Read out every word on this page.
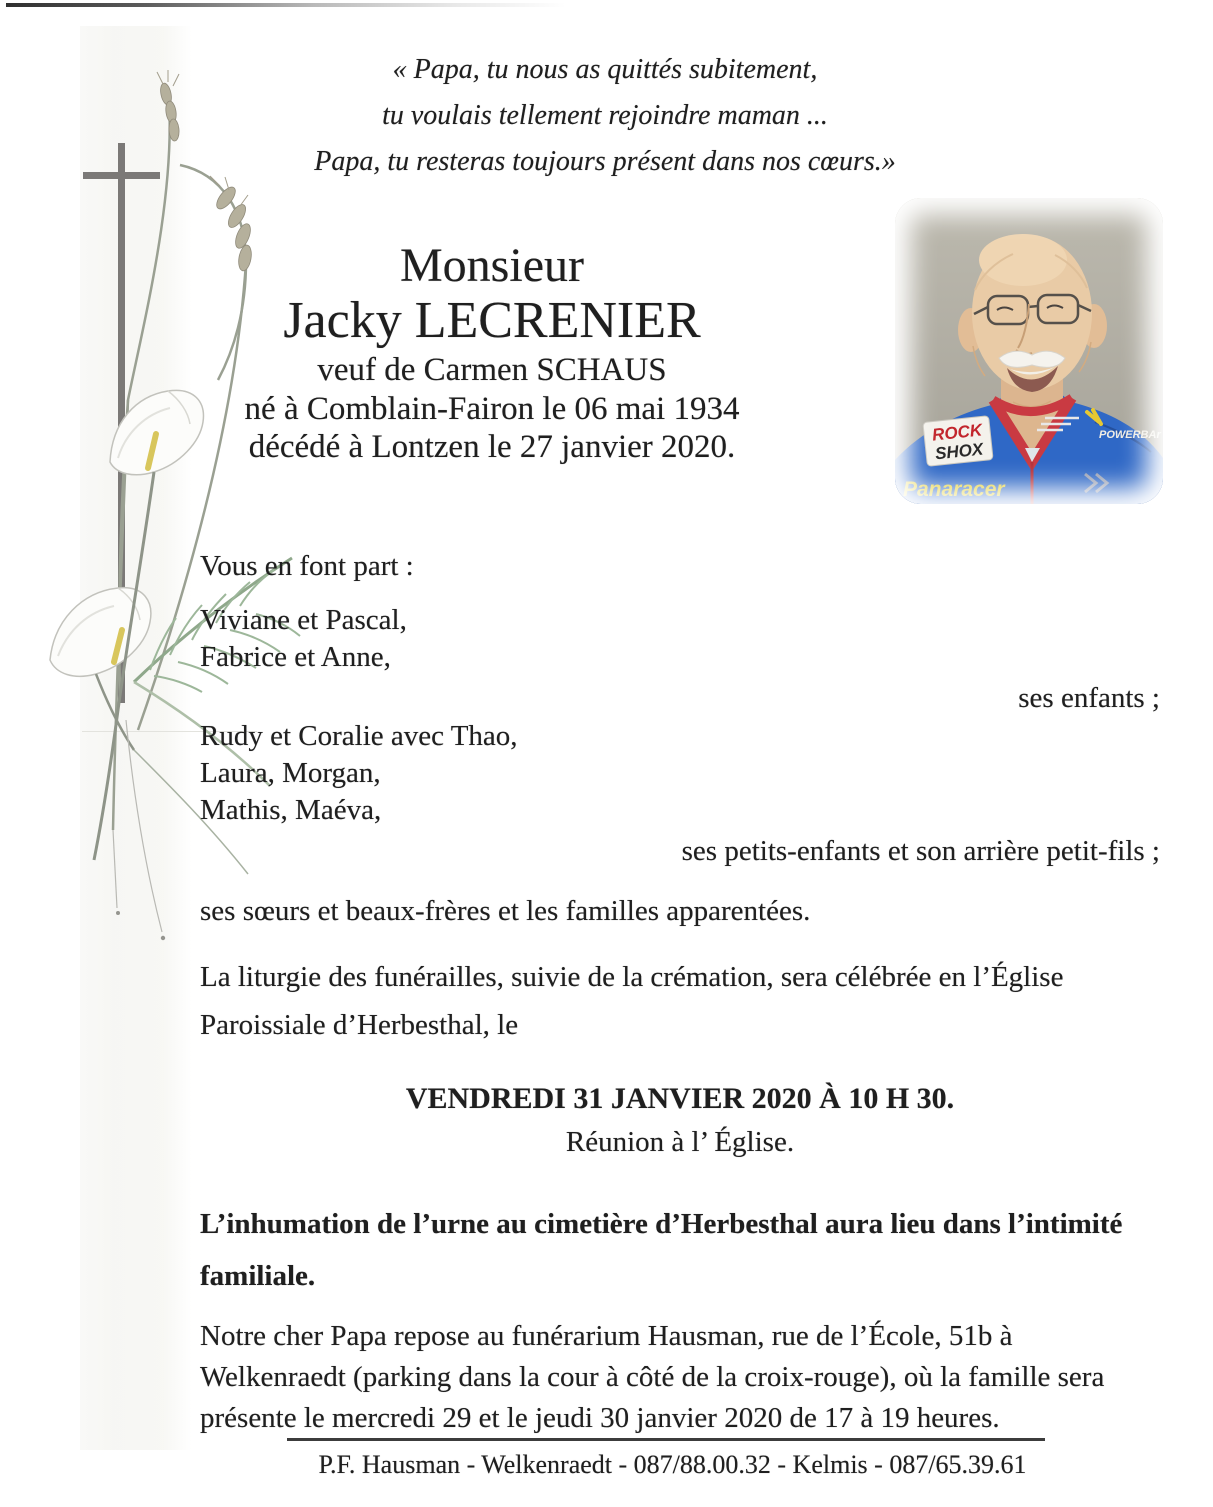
« Papa, tu nous as quittés subitement,
tu voulais tellement rejoindre maman ...
Papa, tu resteras toujours présent dans nos cœurs.»
Monsieur
Jacky LECRENIER
veuf de Carmen SCHAUS
né à Comblain-Fairon le 06 mai 1934
décédé à Lontzen le 27 janvier 2020.	ROCK
SHOX
POWERBAr
Panaracer
Vous en font part :
Viviane et Pascal,
Fabrice et Anne,
ses enfants ;
Rudy et Coralie avec Thao,
Laura, Morgan,
Mathis, Maéva,
ses petits-enfants et son arrière petit-fils ;
ses sœurs et beaux-frères et les familles apparentées.
La liturgie des funérailles, suivie de la crémation, sera célébrée en l’Église Paroissiale d’Herbesthal, le
VENDREDI 31 JANVIER 2020 À 10 H 30.
Réunion à l’ Église.
L’inhumation de l’urne au cimetière d’Herbesthal aura lieu dans l’intimité familiale.
Notre cher Papa repose au funérarium Hausman, rue de l’École, 51b à Welkenraedt (parking dans la cour à côté de la croix-rouge), où la famille sera présente le mercredi 29 et le jeudi 30 janvier 2020 de 17 à 19 heures.
P.F. Hausman - Welkenraedt - 087/88.00.32 - Kelmis - 087/65.39.61
